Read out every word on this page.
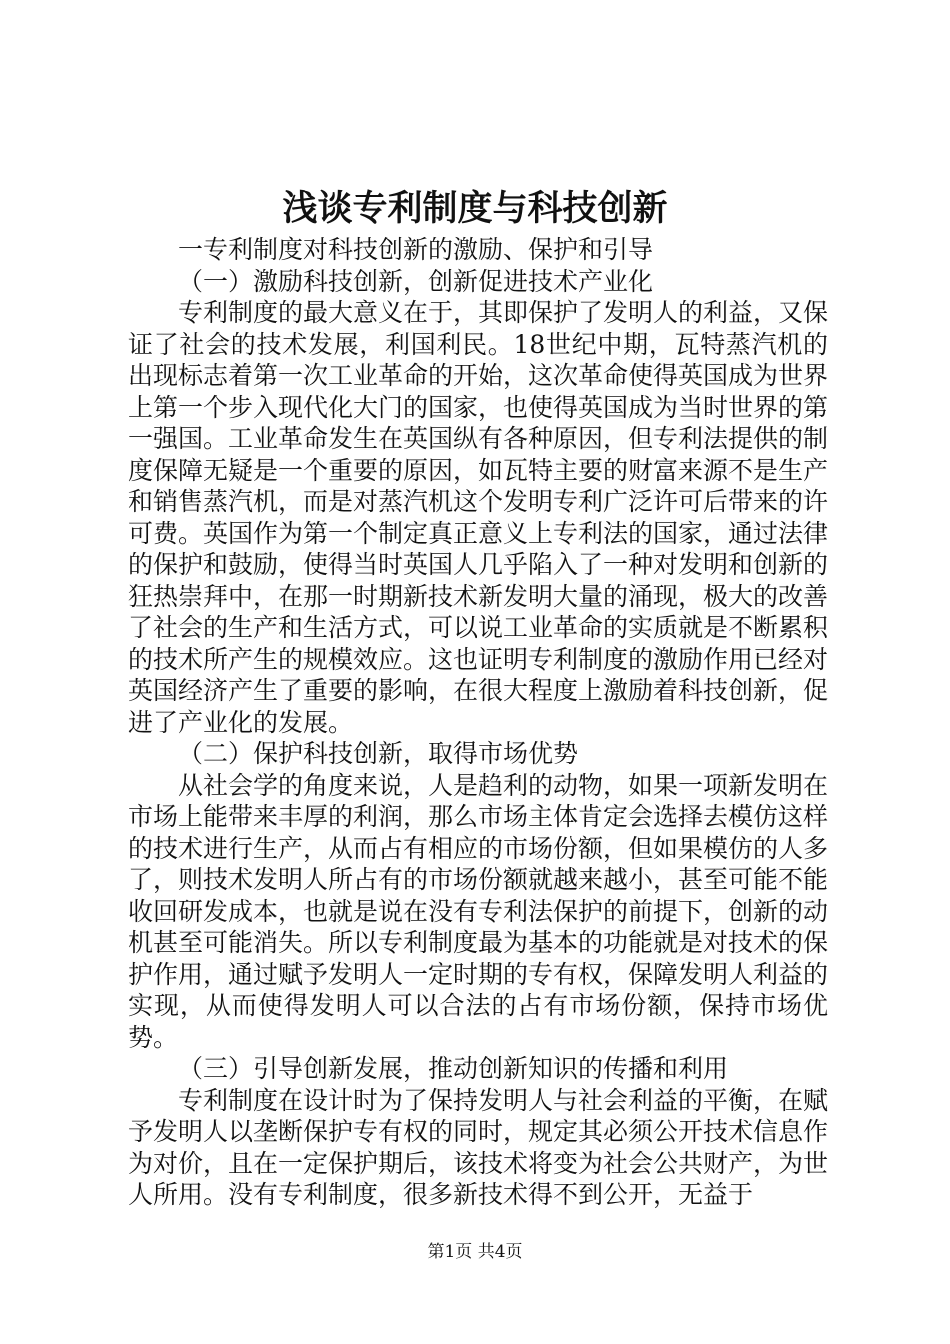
浅谈专利制度与科技创新

一专利制度对科技创新的激励、保护和引导

（一）激励科技创新，创新促进技术产业化

专利制度的最大意义在于，其即保护了发明人的利益，又保证了社会的技术发展，利国利民。18世纪中期，瓦特蒸汽机的出现标志着第一次工业革命的开始，这次革命使得英国成为世界上第一个步入现代化大门的国家，也使得英国成为当时世界的第一强国。工业革命发生在英国纵有各种原因，但专利法提供的制度保障无疑是一个重要的原因，如瓦特主要的财富来源不是生产和销售蒸汽机，而是对蒸汽机这个发明专利广泛许可后带来的许可费。英国作为第一个制定真正意义上专利法的国家，通过法律的保护和鼓励，使得当时英国人几乎陷入了一种对发明和创新的狂热崇拜中，在那一时期新技术新发明大量的涌现，极大的改善了社会的生产和生活方式，可以说工业革命的实质就是不断累积的技术所产生的规模效应。这也证明专利制度的激励作用已经对英国经济产生了重要的影响，在很大程度上激励着科技创新，促进了产业化的发展。

（二）保护科技创新，取得市场优势

从社会学的角度来说，人是趋利的动物，如果一项新发明在市场上能带来丰厚的利润，那么市场主体肯定会选择去模仿这样的技术进行生产，从而占有相应的市场份额，但如果模仿的人多了，则技术发明人所占有的市场份额就越来越小，甚至可能不能收回研发成本，也就是说在没有专利法保护的前提下，创新的动机甚至可能消失。所以专利制度最为基本的功能就是对技术的保护作用，通过赋予发明人一定时期的专有权，保障发明人利益的实现，从而使得发明人可以合法的占有市场份额，保持市场优势。

（三）引导创新发展，推动创新知识的传播和利用

专利制度在设计时为了保持发明人与社会利益的平衡，在赋予发明人以垄断保护专有权的同时，规定其必须公开技术信息作为对价，且在一定保护期后，该技术将变为社会公共财产，为世人所用。没有专利制度，很多新技术得不到公开，无益于

第1页 共4页
